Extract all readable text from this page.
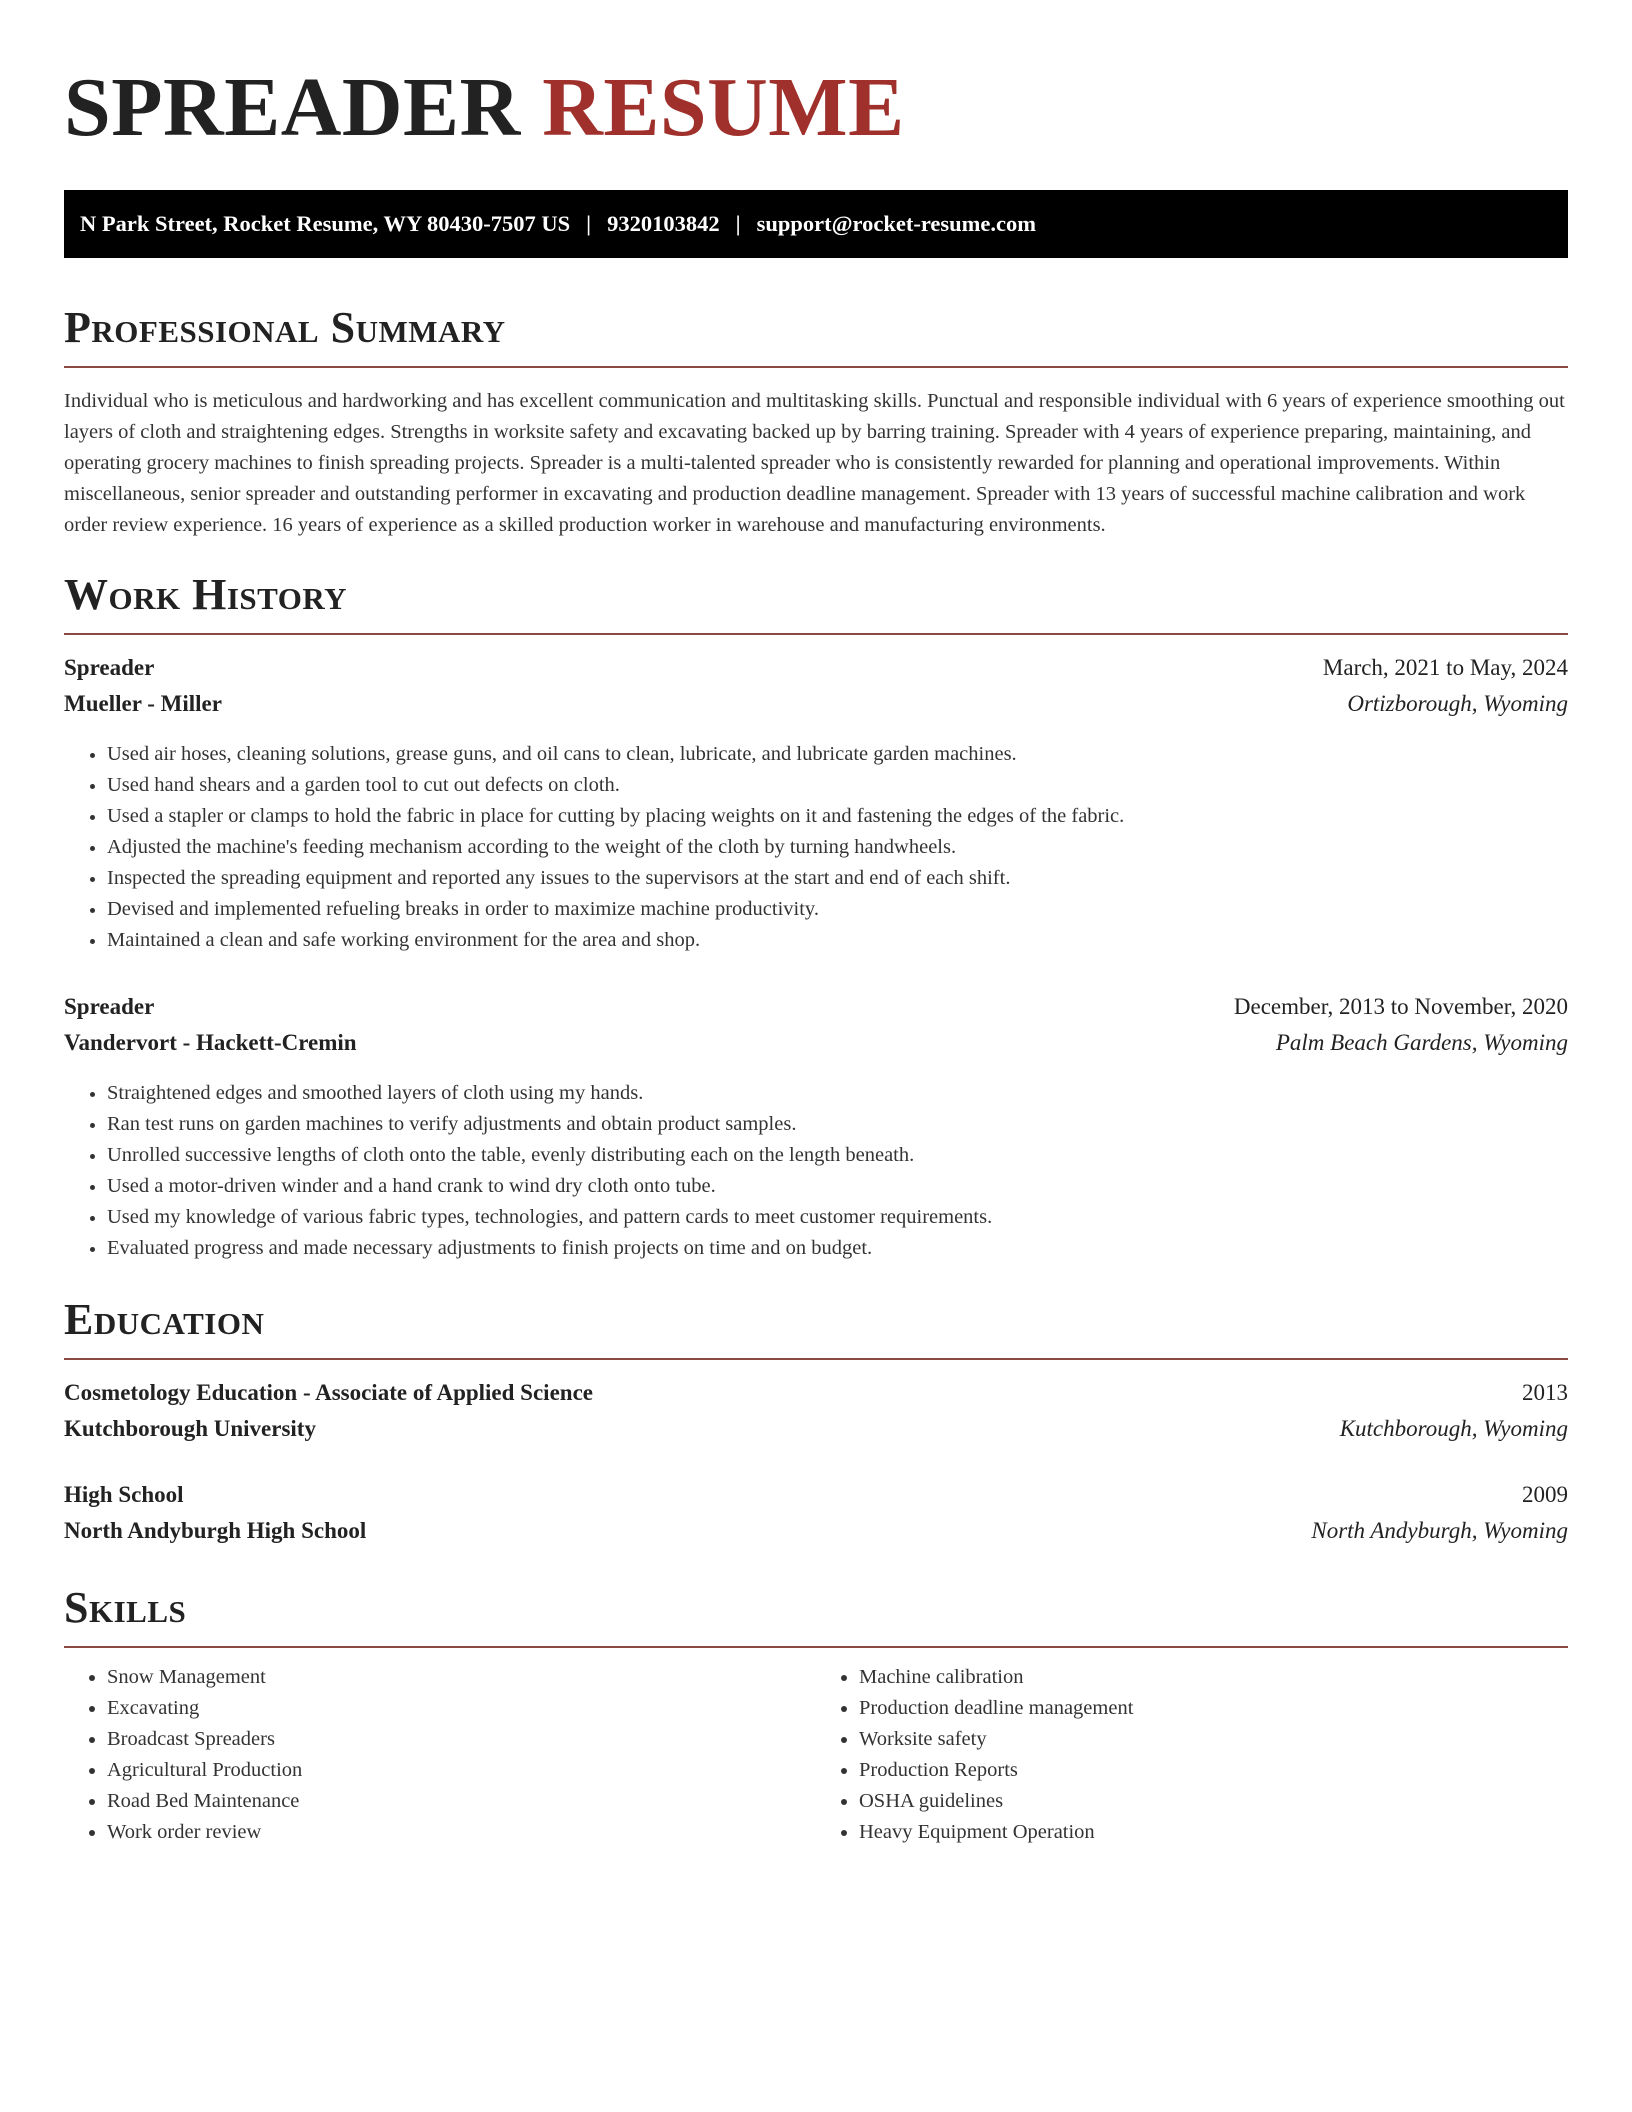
SPREADER RESUME
N Park Street, Rocket Resume, WY 80430-7507 US | 9320103842 | support@rocket-resume.com
Professional Summary

Individual who is meticulous and hardworking and has excellent communication and multitasking skills. Punctual and responsible individual with 6 years of experience smoothing out layers of cloth and straightening edges. Strengths in worksite safety and excavating backed up by barring training. Spreader with 4 years of experience preparing, maintaining, and operating grocery machines to finish spreading projects. Spreader is a multi-talented spreader who is consistently rewarded for planning and operational improvements. Within miscellaneous, senior spreader and outstanding performer in excavating and production deadline management. Spreader with 13 years of successful machine calibration and work order review experience. 16 years of experience as a skilled production worker in warehouse and manufacturing environments.

Work History
Spreader	March, 2021 to May, 2024
Mueller - Miller	Ortizborough, Wyoming
• Used air hoses, cleaning solutions, grease guns, and oil cans to clean, lubricate, and lubricate garden machines.
• Used hand shears and a garden tool to cut out defects on cloth.
• Used a stapler or clamps to hold the fabric in place for cutting by placing weights on it and fastening the edges of the fabric.
• Adjusted the machine's feeding mechanism according to the weight of the cloth by turning handwheels.
• Inspected the spreading equipment and reported any issues to the supervisors at the start and end of each shift.
• Devised and implemented refueling breaks in order to maximize machine productivity.
• Maintained a clean and safe working environment for the area and shop.
Spreader	December, 2013 to November, 2020
Vandervort - Hackett-Cremin	Palm Beach Gardens, Wyoming
• Straightened edges and smoothed layers of cloth using my hands.
• Ran test runs on garden machines to verify adjustments and obtain product samples.
• Unrolled successive lengths of cloth onto the table, evenly distributing each on the length beneath.
• Used a motor-driven winder and a hand crank to wind dry cloth onto tube.
• Used my knowledge of various fabric types, technologies, and pattern cards to meet customer requirements.
• Evaluated progress and made necessary adjustments to finish projects on time and on budget.
Education
Cosmetology Education - Associate of Applied Science	2013
Kutchborough University	Kutchborough, Wyoming
High School	2009
North Andyburgh High School	North Andyburgh, Wyoming
Skills
• Snow Management
• Excavating
• Broadcast Spreaders
• Agricultural Production
• Road Bed Maintenance
• Work order review
• Machine calibration
• Production deadline management
• Worksite safety
• Production Reports
• OSHA guidelines
• Heavy Equipment Operation
